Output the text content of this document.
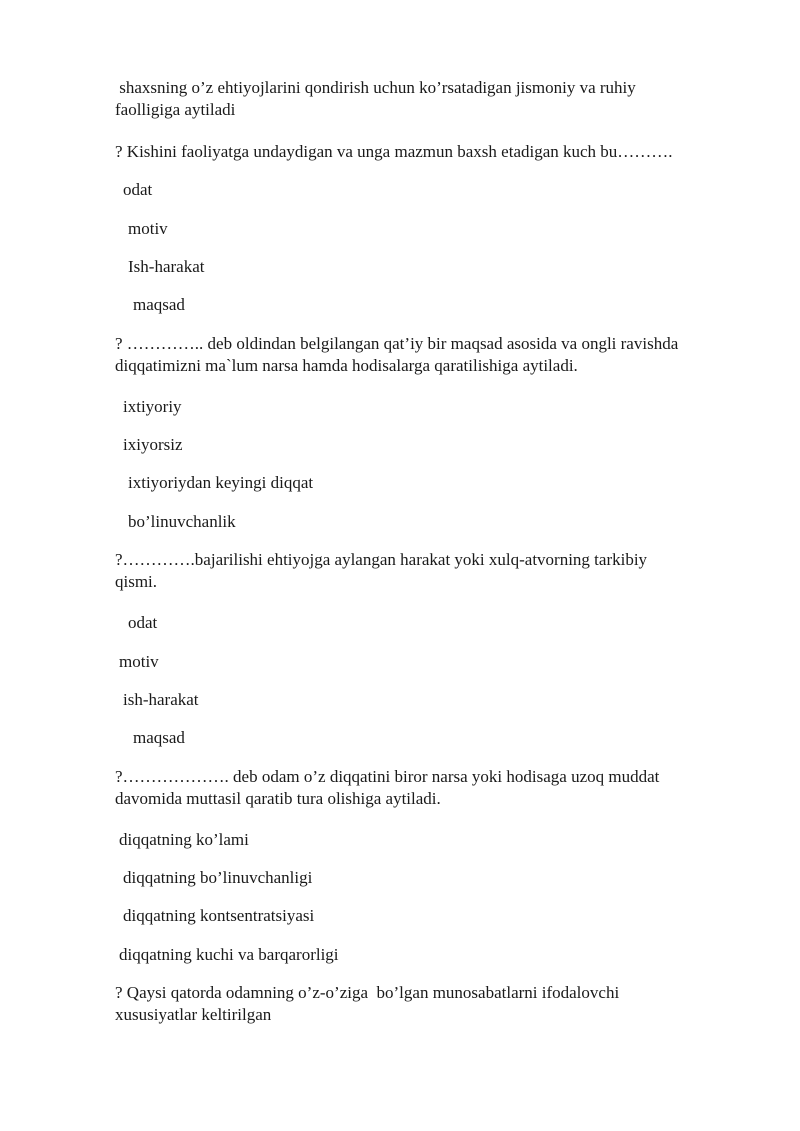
shaxsning o’z ehtiyojlarini qondirish uchun ko’rsatadigan jismoniy va ruhiy
faolligiga aytiladi
? Kishini faoliyatga undaydigan va unga mazmun baxsh etadigan kuch bu……….
odat
motiv
Ish-harakat
maqsad
? ………….. deb oldindan belgilangan qat’iy bir maqsad asosida va ongli ravishda
diqqatimizni ma`lum narsa hamda hodisalarga qaratilishiga aytiladi.
ixtiyoriy
ixiyorsiz
ixtiyoriydan keyingi diqqat
bo’linuvchanlik
?………….bajarilishi ehtiyojga aylangan harakat yoki xulq-atvorning tarkibiy
qismi.
odat
motiv
ish-harakat
maqsad
?………………. deb odam o’z diqqatini biror narsa yoki hodisaga uzoq muddat
davomida muttasil qaratib tura olishiga aytiladi.
diqqatning ko’lami
diqqatning bo’linuvchanligi
diqqatning kontsentratsiyasi
diqqatning kuchi va barqarorligi
? Qaysi qatorda odamning o’z-o’ziga  bo’lgan munosabatlarni ifodalovchi
xususiyatlar keltirilgan
